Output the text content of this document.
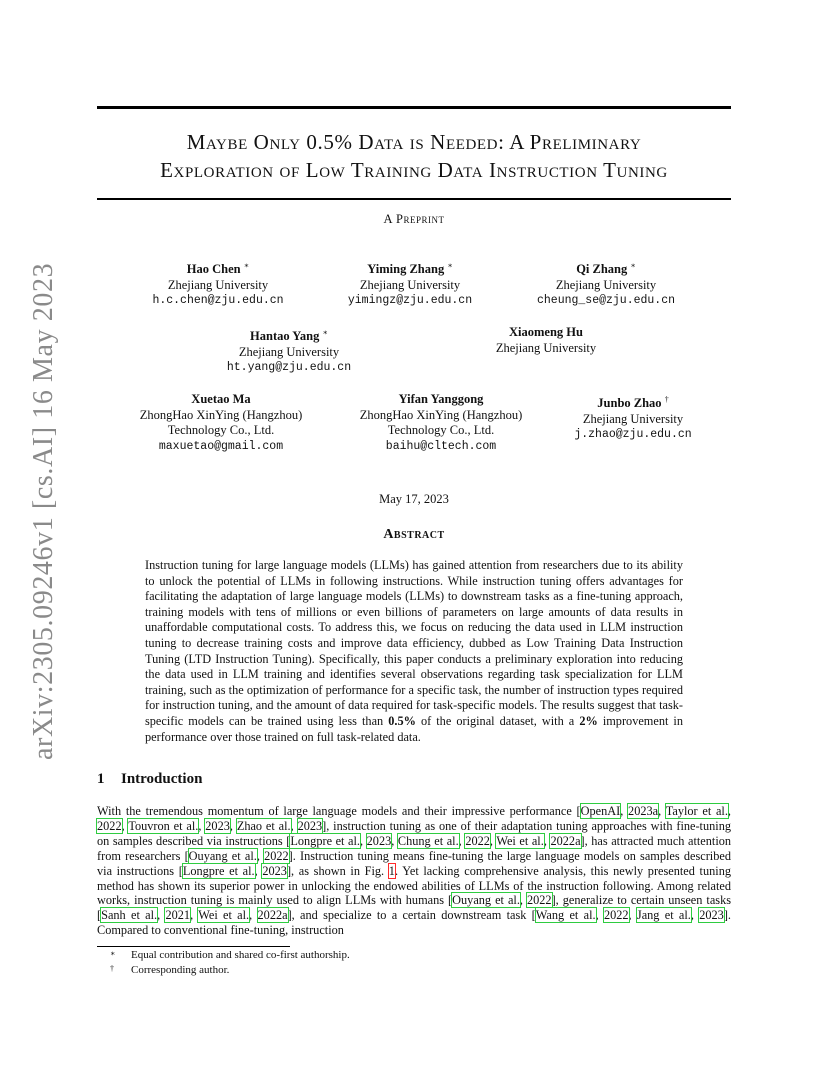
arXiv:2305.09246v1 [cs.AI] 16 May 2023
Maybe Only 0.5% Data is Needed: A Preliminary
Exploration of Low Training Data Instruction Tuning
A Preprint
Hao Chen ∗
Zhejiang University
h.c.chen@zju.edu.cn
Yiming Zhang ∗
Zhejiang University
yimingz@zju.edu.cn
Qi Zhang ∗
Zhejiang University
cheung_se@zju.edu.cn
Hantao Yang ∗
Zhejiang University
ht.yang@zju.edu.cn
Xiaomeng Hu
Zhejiang University
Xuetao Ma
ZhongHao XinYing (Hangzhou)
Technology Co., Ltd.
maxuetao@gmail.com
Yifan Yanggong
ZhongHao XinYing (Hangzhou)
Technology Co., Ltd.
baihu@cltech.com
Junbo Zhao †
Zhejiang University
j.zhao@zju.edu.cn
May 17, 2023
Abstract
Instruction tuning for large language models (LLMs) has gained attention from researchers due to its ability to unlock the potential of LLMs in following instructions. While instruction tuning offers advantages for facilitating the adaptation of large language models (LLMs) to downstream tasks as a fine-tuning approach, training models with tens of millions or even billions of parameters on large amounts of data results in unaffordable computational costs. To address this, we focus on reducing the data used in LLM instruction tuning to decrease training costs and improve data efficiency, dubbed as Low Training Data Instruction Tuning (LTD Instruction Tuning). Specifically, this paper conducts a preliminary exploration into reducing the data used in LLM training and identifies several observations regarding task specialization for LLM training, such as the optimization of performance for a specific task, the number of instruction types required for instruction tuning, and the amount of data required for task-specific models. The results suggest that task-specific models can be trained using less than 0.5% of the original dataset, with a 2% improvement in performance over those trained on full task-related data.
1 Introduction
With the tremendous momentum of large language models and their impressive performance [OpenAI, 2023a, Taylor et al., 2022, Touvron et al., 2023, Zhao et al., 2023], instruction tuning as one of their adaptation tuning approaches with fine-tuning on samples described via instructions [Longpre et al., 2023, Chung et al., 2022, Wei et al., 2022a], has attracted much attention from researchers [Ouyang et al., 2022]. Instruction tuning means fine-tuning the large language models on samples described via instructions [Longpre et al., 2023], as shown in Fig. 1. Yet lacking comprehensive analysis, this newly presented tuning method has shown its superior power in unlocking the endowed abilities of LLMs of the instruction following. Among related works, instruction tuning is mainly used to align LLMs with humans [Ouyang et al., 2022], generalize to certain unseen tasks [Sanh et al., 2021, Wei et al., 2022a], and specialize to a certain downstream task [Wang et al., 2022, Jang et al., 2023]. Compared to conventional fine-tuning, instruction
∗ Equal contribution and shared co-first authorship.
† Corresponding author.
